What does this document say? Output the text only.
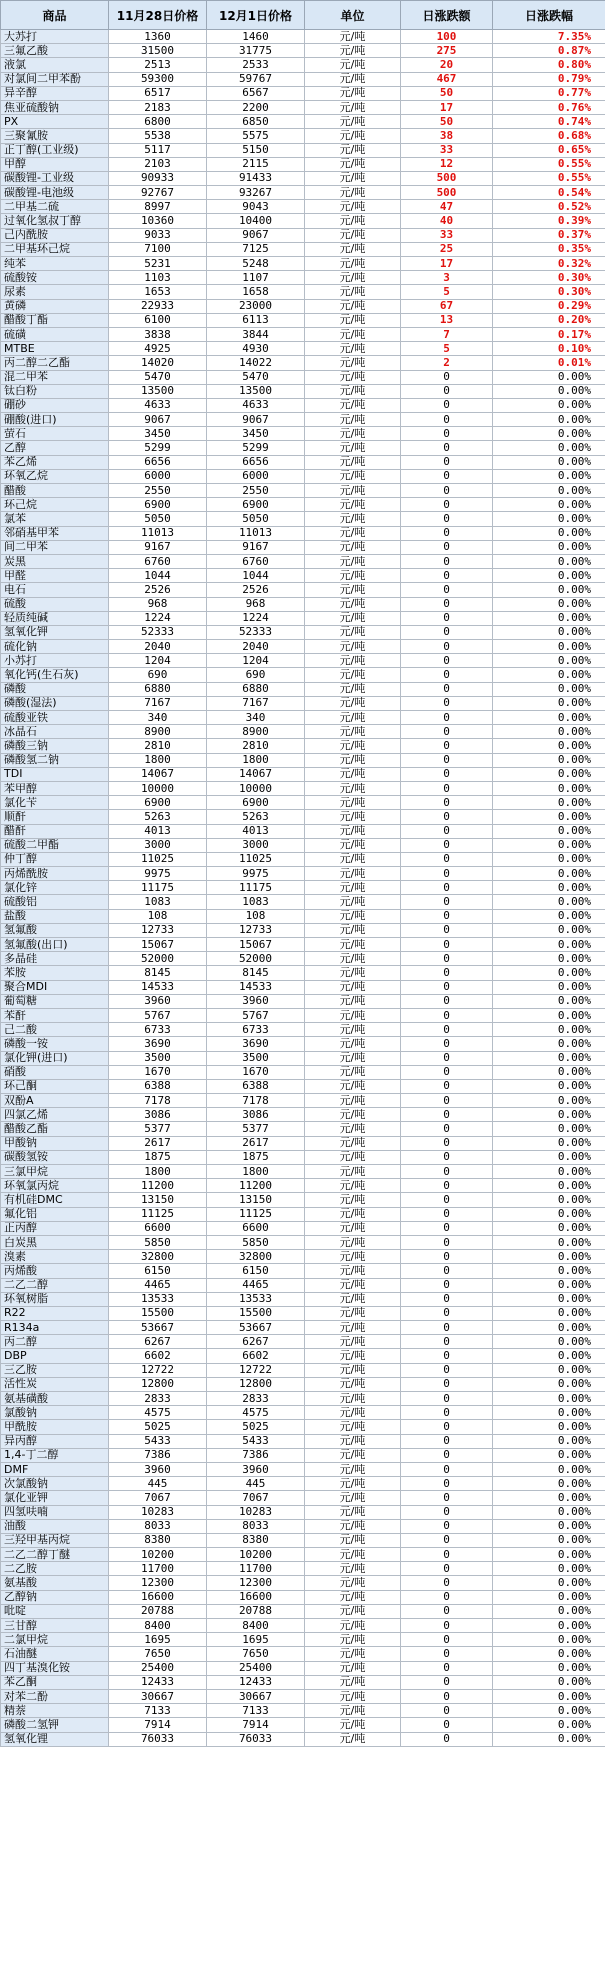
商品	11月28日价格	12月1日价格	单位	日涨跌额	日涨跌幅
大苏打	1360	1460	元/吨	100	7.35%
三氟乙酸	31500	31775	元/吨	275	0.87%
液氯	2513	2533	元/吨	20	0.80%
对氯间二甲苯酚	59300	59767	元/吨	467	0.79%
异辛醇	6517	6567	元/吨	50	0.77%
焦亚硫酸钠	2183	2200	元/吨	17	0.76%
PX	6800	6850	元/吨	50	0.74%
三聚氰胺	5538	5575	元/吨	38	0.68%
正丁醇(工业级)	5117	5150	元/吨	33	0.65%
甲醇	2103	2115	元/吨	12	0.55%
碳酸锂-工业级	90933	91433	元/吨	500	0.55%
碳酸锂-电池级	92767	93267	元/吨	500	0.54%
二甲基二硫	8997	9043	元/吨	47	0.52%
过氧化氢叔丁醇	10360	10400	元/吨	40	0.39%
己内酰胺	9033	9067	元/吨	33	0.37%
二甲基环己烷	7100	7125	元/吨	25	0.35%
纯苯	5231	5248	元/吨	17	0.32%
硫酸铵	1103	1107	元/吨	3	0.30%
尿素	1653	1658	元/吨	5	0.30%
黄磷	22933	23000	元/吨	67	0.29%
醋酸丁酯	6100	6113	元/吨	13	0.20%
硫磺	3838	3844	元/吨	7	0.17%
MTBE	4925	4930	元/吨	5	0.10%
丙二醇二乙酯	14020	14022	元/吨	2	0.01%
混二甲苯	5470	5470	元/吨	0	0.00%
钛白粉	13500	13500	元/吨	0	0.00%
硼砂	4633	4633	元/吨	0	0.00%
硼酸(进口)	9067	9067	元/吨	0	0.00%
萤石	3450	3450	元/吨	0	0.00%
乙醇	5299	5299	元/吨	0	0.00%
苯乙烯	6656	6656	元/吨	0	0.00%
环氧乙烷	6000	6000	元/吨	0	0.00%
醋酸	2550	2550	元/吨	0	0.00%
环己烷	6900	6900	元/吨	0	0.00%
氯苯	5050	5050	元/吨	0	0.00%
邻硝基甲苯	11013	11013	元/吨	0	0.00%
间二甲苯	9167	9167	元/吨	0	0.00%
炭黑	6760	6760	元/吨	0	0.00%
甲醛	1044	1044	元/吨	0	0.00%
电石	2526	2526	元/吨	0	0.00%
硫酸	968	968	元/吨	0	0.00%
轻质纯碱	1224	1224	元/吨	0	0.00%
氢氧化钾	52333	52333	元/吨	0	0.00%
硫化钠	2040	2040	元/吨	0	0.00%
小苏打	1204	1204	元/吨	0	0.00%
氧化钙(生石灰)	690	690	元/吨	0	0.00%
磷酸	6880	6880	元/吨	0	0.00%
磷酸(湿法)	7167	7167	元/吨	0	0.00%
硫酸亚铁	340	340	元/吨	0	0.00%
冰晶石	8900	8900	元/吨	0	0.00%
磷酸三钠	2810	2810	元/吨	0	0.00%
磷酸氢二钠	1800	1800	元/吨	0	0.00%
TDI	14067	14067	元/吨	0	0.00%
苯甲醇	10000	10000	元/吨	0	0.00%
氯化苄	6900	6900	元/吨	0	0.00%
顺酐	5263	5263	元/吨	0	0.00%
醋酐	4013	4013	元/吨	0	0.00%
硫酸二甲酯	3000	3000	元/吨	0	0.00%
仲丁醇	11025	11025	元/吨	0	0.00%
丙烯酰胺	9975	9975	元/吨	0	0.00%
氯化锌	11175	11175	元/吨	0	0.00%
硫酸铝	1083	1083	元/吨	0	0.00%
盐酸	108	108	元/吨	0	0.00%
氢氟酸	12733	12733	元/吨	0	0.00%
氢氟酸(出口)	15067	15067	元/吨	0	0.00%
多晶硅	52000	52000	元/吨	0	0.00%
苯胺	8145	8145	元/吨	0	0.00%
聚合MDI	14533	14533	元/吨	0	0.00%
葡萄糖	3960	3960	元/吨	0	0.00%
苯酐	5767	5767	元/吨	0	0.00%
己二酸	6733	6733	元/吨	0	0.00%
磷酸一铵	3690	3690	元/吨	0	0.00%
氯化钾(进口)	3500	3500	元/吨	0	0.00%
硝酸	1670	1670	元/吨	0	0.00%
环己酮	6388	6388	元/吨	0	0.00%
双酚A	7178	7178	元/吨	0	0.00%
四氯乙烯	3086	3086	元/吨	0	0.00%
醋酸乙酯	5377	5377	元/吨	0	0.00%
甲酸钠	2617	2617	元/吨	0	0.00%
碳酸氢铵	1875	1875	元/吨	0	0.00%
三氯甲烷	1800	1800	元/吨	0	0.00%
环氧氯丙烷	11200	11200	元/吨	0	0.00%
有机硅DMC	13150	13150	元/吨	0	0.00%
氟化铝	11125	11125	元/吨	0	0.00%
正丙醇	6600	6600	元/吨	0	0.00%
白炭黑	5850	5850	元/吨	0	0.00%
溴素	32800	32800	元/吨	0	0.00%
丙烯酸	6150	6150	元/吨	0	0.00%
二乙二醇	4465	4465	元/吨	0	0.00%
环氧树脂	13533	13533	元/吨	0	0.00%
R22	15500	15500	元/吨	0	0.00%
R134a	53667	53667	元/吨	0	0.00%
丙二醇	6267	6267	元/吨	0	0.00%
DBP	6602	6602	元/吨	0	0.00%
三乙胺	12722	12722	元/吨	0	0.00%
活性炭	12800	12800	元/吨	0	0.00%
氨基磺酸	2833	2833	元/吨	0	0.00%
氯酸钠	4575	4575	元/吨	0	0.00%
甲酰胺	5025	5025	元/吨	0	0.00%
异丙醇	5433	5433	元/吨	0	0.00%
1,4-丁二醇	7386	7386	元/吨	0	0.00%
DMF	3960	3960	元/吨	0	0.00%
次氯酸钠	445	445	元/吨	0	0.00%
氯化亚钾	7067	7067	元/吨	0	0.00%
四氢呋喃	10283	10283	元/吨	0	0.00%
油酸	8033	8033	元/吨	0	0.00%
三羟甲基丙烷	8380	8380	元/吨	0	0.00%
二乙二醇丁醚	10200	10200	元/吨	0	0.00%
二乙胺	11700	11700	元/吨	0	0.00%
氨基酸	12300	12300	元/吨	0	0.00%
乙醇钠	16600	16600	元/吨	0	0.00%
吡啶	20788	20788	元/吨	0	0.00%
三甘醇	8400	8400	元/吨	0	0.00%
二氯甲烷	1695	1695	元/吨	0	0.00%
石油醚	7650	7650	元/吨	0	0.00%
四丁基溴化铵	25400	25400	元/吨	0	0.00%
苯乙酮	12433	12433	元/吨	0	0.00%
对苯二酚	30667	30667	元/吨	0	0.00%
精萘	7133	7133	元/吨	0	0.00%
磷酸二氢钾	7914	7914	元/吨	0	0.00%
氢氧化锂	76033	76033	元/吨	0	0.00%
